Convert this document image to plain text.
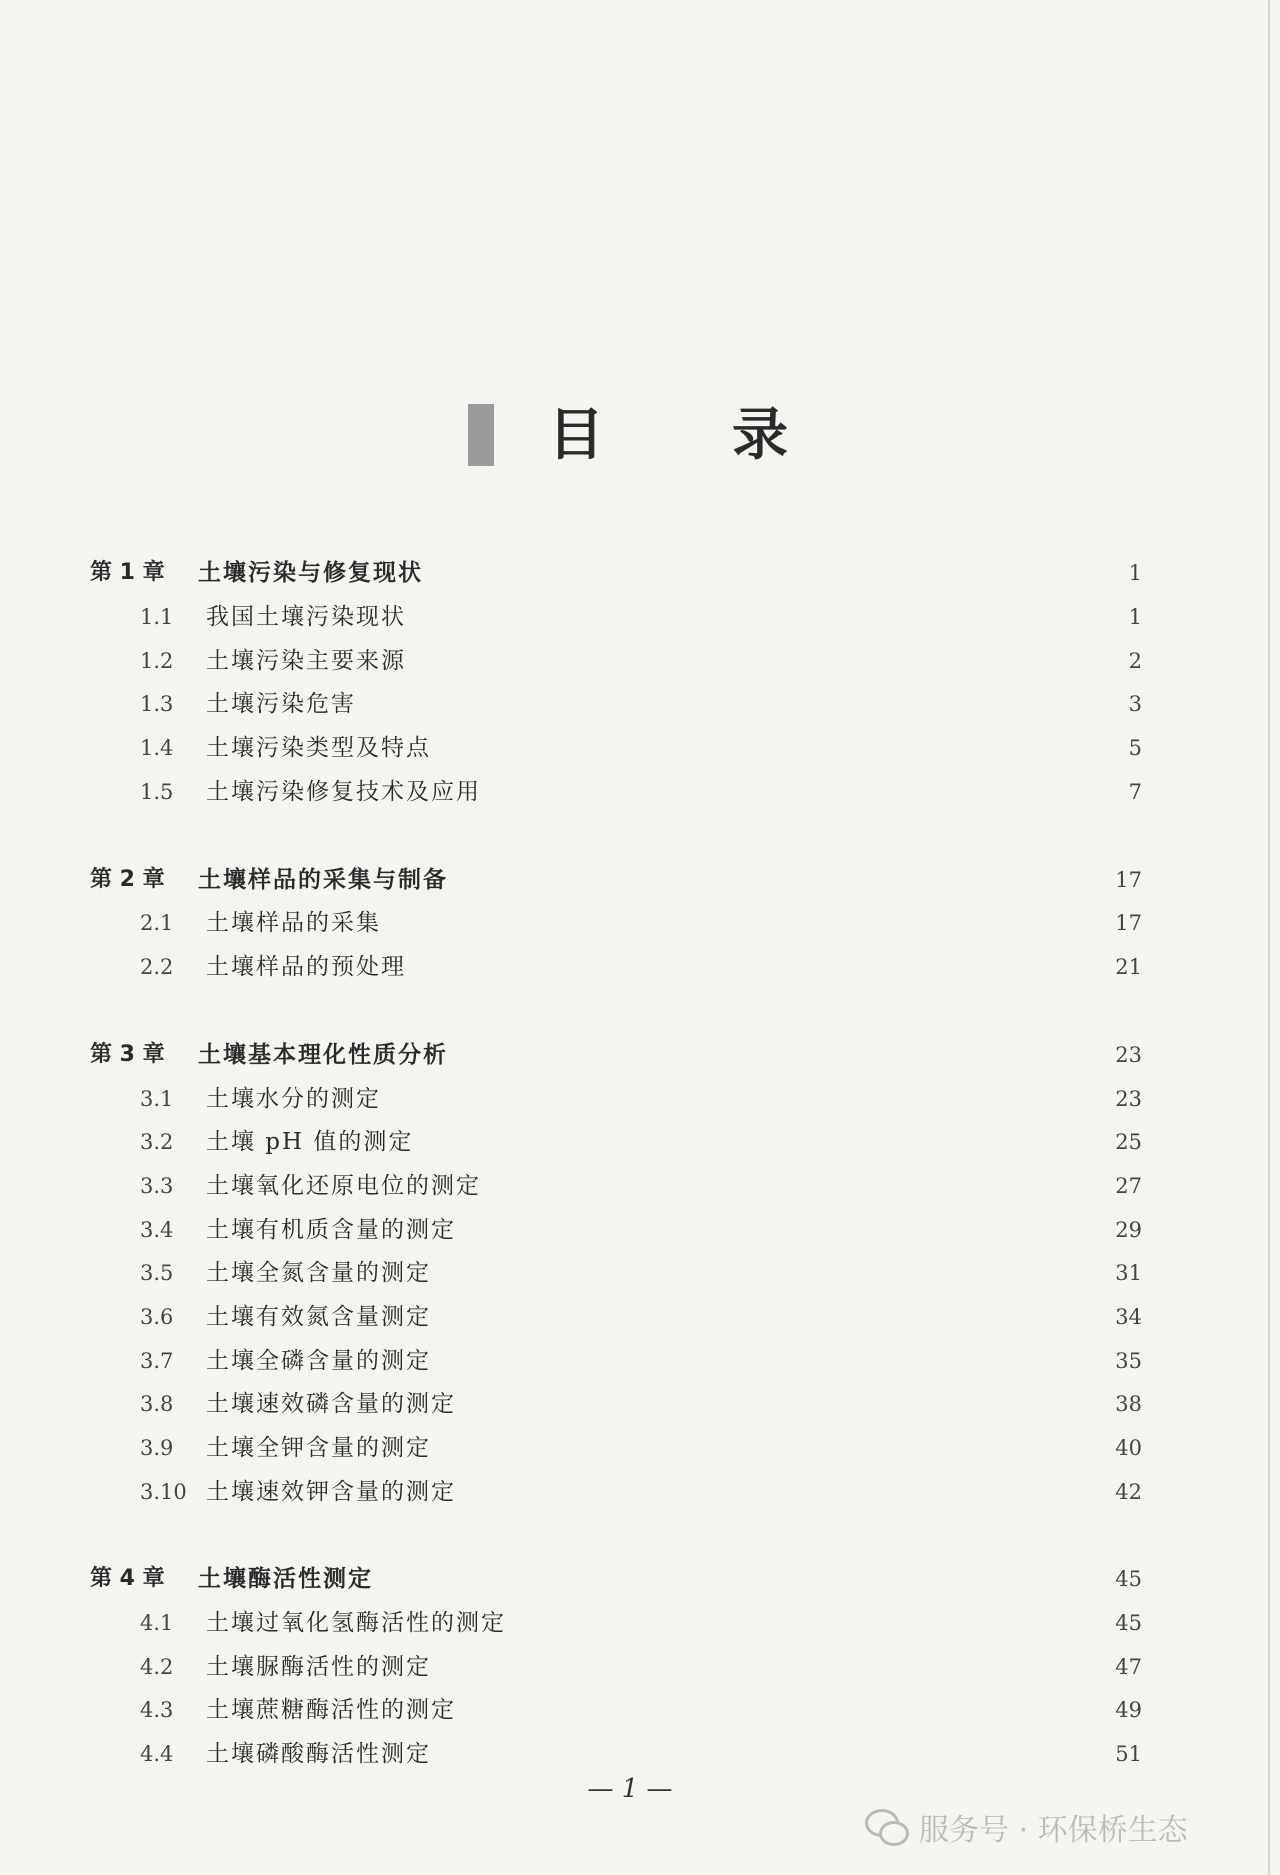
目 录
第 1 章	土壤污染与修复现状	1
1.1	我国土壤污染现状	1
1.2	土壤污染主要来源	2
1.3	土壤污染危害	3
1.4	土壤污染类型及特点	5
1.5	土壤污染修复技术及应用	7
第 2 章	土壤样品的采集与制备	17
2.1	土壤样品的采集	17
2.2	土壤样品的预处理	21
第 3 章	土壤基本理化性质分析	23
3.1	土壤水分的测定	23
3.2	土壤 pH 值的测定	25
3.3	土壤氧化还原电位的测定	27
3.4	土壤有机质含量的测定	29
3.5	土壤全氮含量的测定	31
3.6	土壤有效氮含量测定	34
3.7	土壤全磷含量的测定	35
3.8	土壤速效磷含量的测定	38
3.9	土壤全钾含量的测定	40
3.10 土壤速效钾含量的测定	42
第 4 章	土壤酶活性测定	45
4.1	土壤过氧化氢酶活性的测定	45
4.2	土壤脲酶活性的测定	47
4.3	土壤蔗糖酶活性的测定	49
4.4	土壤磷酸酶活性测定	51
— 1 —
服务号 · 环保桥生态
